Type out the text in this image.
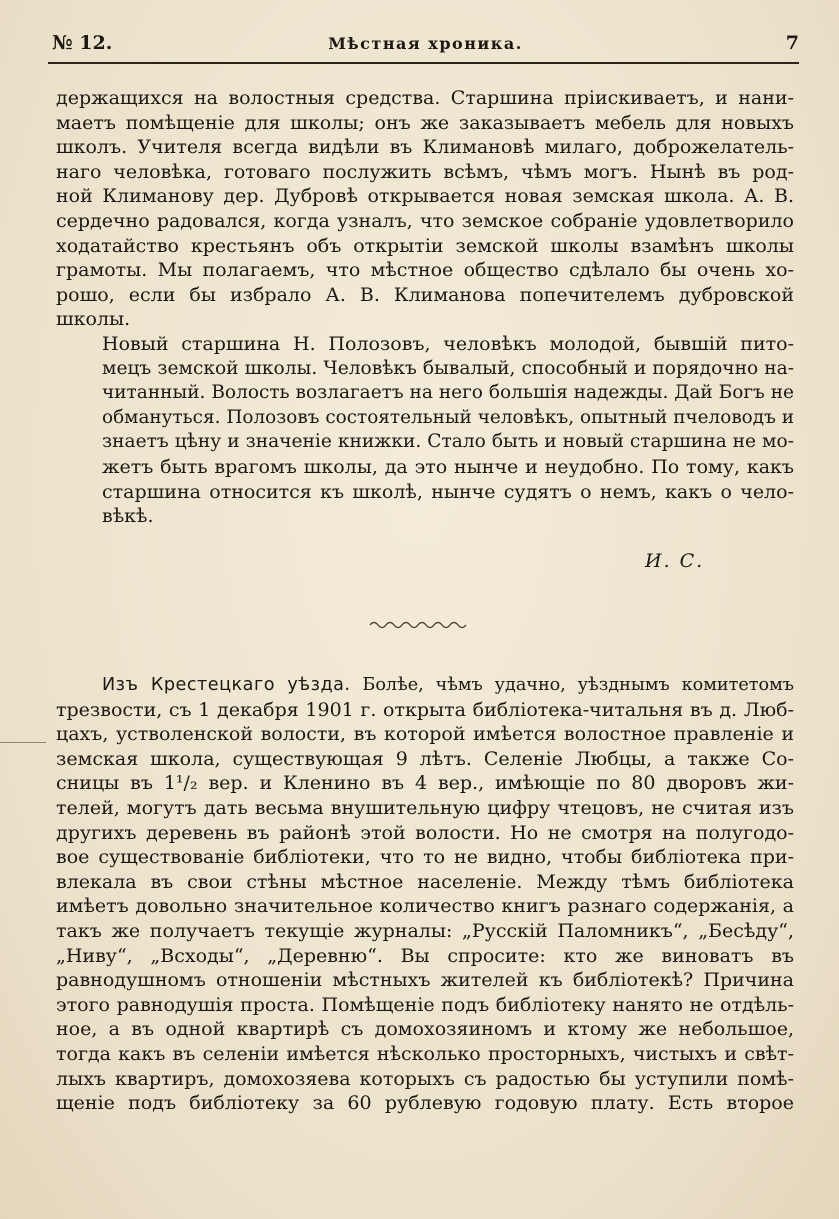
№ 12.	Мѣстная хроника.	7

держащихся на волостныя средства. Старшина прiискиваетъ, и нани-
маетъ помѣщенiе для школы; онъ же заказываетъ мебель для новыхъ
школъ. Учителя всегда видѣли въ Климановѣ милаго, доброжелатель-
наго человѣка, готоваго послужить всѣмъ, чѣмъ могъ. Нынѣ въ род-
ной Климанову дер. Дубровѣ открывается новая земская школа. А. В.
сердечно радовался, когда узналъ, что земское собранiе удовлетворило
ходатайство крестьянъ объ открытiи земской школы взамѣнъ школы
грамоты. Мы полагаемъ, что мѣстное общество сдѣлало бы очень хо-
рошо, если бы избрало А. В. Климанова попечителемъ дубровской
школы.

Новый старшина Н. Полозовъ, человѣкъ молодой, бывшiй пито-
мецъ земской школы. Человѣкъ бывалый, способный и порядочно на-
читанный. Волость возлагаетъ на него большiя надежды. Дай Богъ не
обмануться. Полозовъ состоятельный человѣкъ, опытный пчеловодъ и
знаетъ цѣну и значенiе книжки. Стало быть и новый старшина не мо-
жетъ быть врагомъ школы, да это нынче и неудобно. По тому, какъ
старшина относится къ школѣ, нынче судятъ о немъ, какъ о чело-
вѣкѣ.

И. С.

Изъ Крестецкаго уѣзда. Болѣе, чѣмъ удачно, уѣзднымъ комитетомъ
трезвости, съ 1 декабря 1901 г. открыта библiотека-читальня въ д. Люб-
цахъ, устволенской волости, въ которой имѣется волостное правленiе и
земская школа, существующая 9 лѣтъ. Селенiе Любцы, а также Со-
сницы въ 1¹/₂ вер. и Кленино въ 4 вер., имѣющiе по 80 дворовъ жи-
телей, могутъ дать весьма внушительную цифру чтецовъ, не считая изъ
другихъ деревень въ районѣ этой волости. Но не смотря на полугодо-
вое существованiе библiотеки, что то не видно, чтобы библiотека при-
влекала въ свои стѣны мѣстное населенiе. Между тѣмъ библiотека
имѣетъ довольно значительное количество книгъ разнаго содержанiя, а
такъ же получаетъ текущiе журналы: „Русскiй Паломникъ“, „Бесѣду“,
„Ниву“, „Всходы“, „Деревню“. Вы спросите: кто же виноватъ въ
равнодушномъ отношенiи мѣстныхъ жителей къ библiотекѣ? Причина
этого равнодушiя проста. Помѣщенiе подъ библiотеку нанято не отдѣль-
ное, а въ одной квартирѣ съ домохозяиномъ и ктому же небольшое,
тогда какъ въ селенiи имѣется нѣсколько просторныхъ, чистыхъ и свѣт-
лыхъ квартиръ, домохозяева которыхъ съ радостью бы уступили помѣ-
щенiе подъ библiотеку за 60 рублевую годовую плату. Есть второе
